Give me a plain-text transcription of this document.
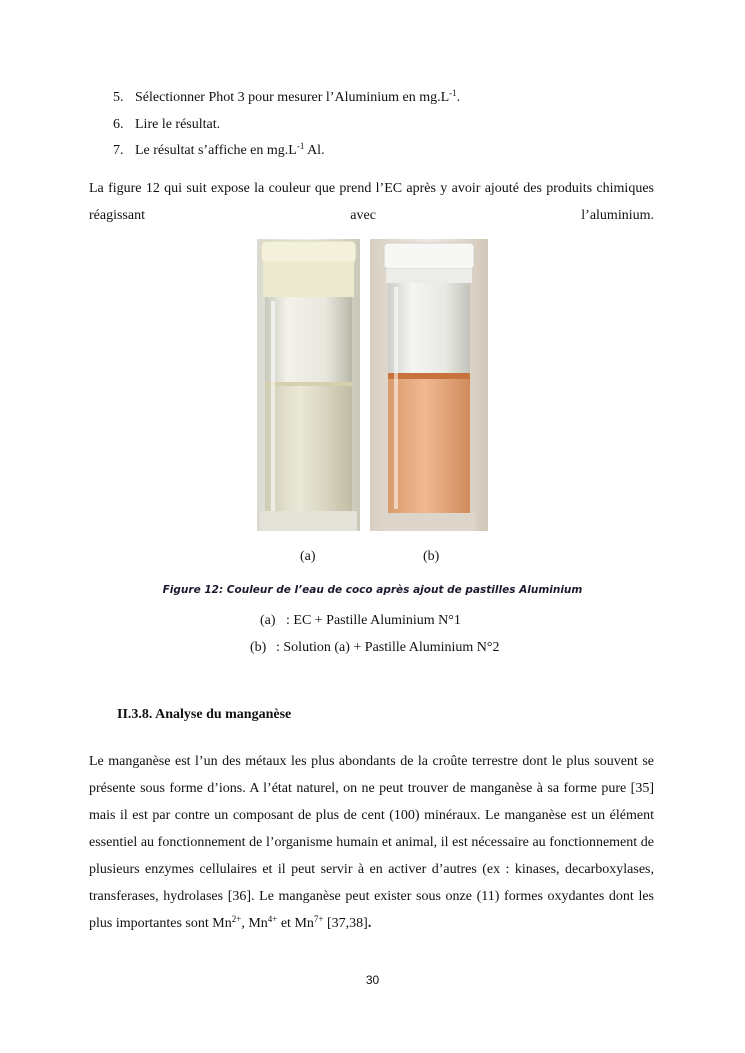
5. Sélectionner Phot 3 pour mesurer l’Aluminium en $mg.L^{-1}$.
6. Lire le résultat.
7. Le résultat s’affiche en $mg.L^{-1}$ Al.

La figure 12 qui suit expose la couleur que prend l’EC après y avoir ajouté des produits chimiques réagissant avec l’aluminium.

(a)	(b)
Figure 12: Couleur de l’eau de coco après ajout de pastilles Aluminium
(a) : EC + Pastille Aluminium N°1
(b) : Solution (a) + Pastille Aluminium N°2
II.3.8. Analyse du manganèse

Le manganèse est l’un des métaux les plus abondants de la croûte terrestre dont le plus souvent se présente sous forme d’ions. A l’état naturel, on ne peut trouver de manganèse à sa forme pure [35] mais il est par contre un composant de plus de cent (100) minéraux. Le manganèse est un élément essentiel au fonctionnement de l’organisme humain et animal, il est nécessaire au fonctionnement de plusieurs enzymes cellulaires et il peut servir à en activer d’autres (ex : kinases, decarboxylases, transferases, hydrolases [36]. Le manganèse peut exister sous onze (11) formes oxydantes dont les plus importantes sont $Mn^{2+}$, $Mn^{4+}$ et $Mn^{7+}$ [37,38].

30
